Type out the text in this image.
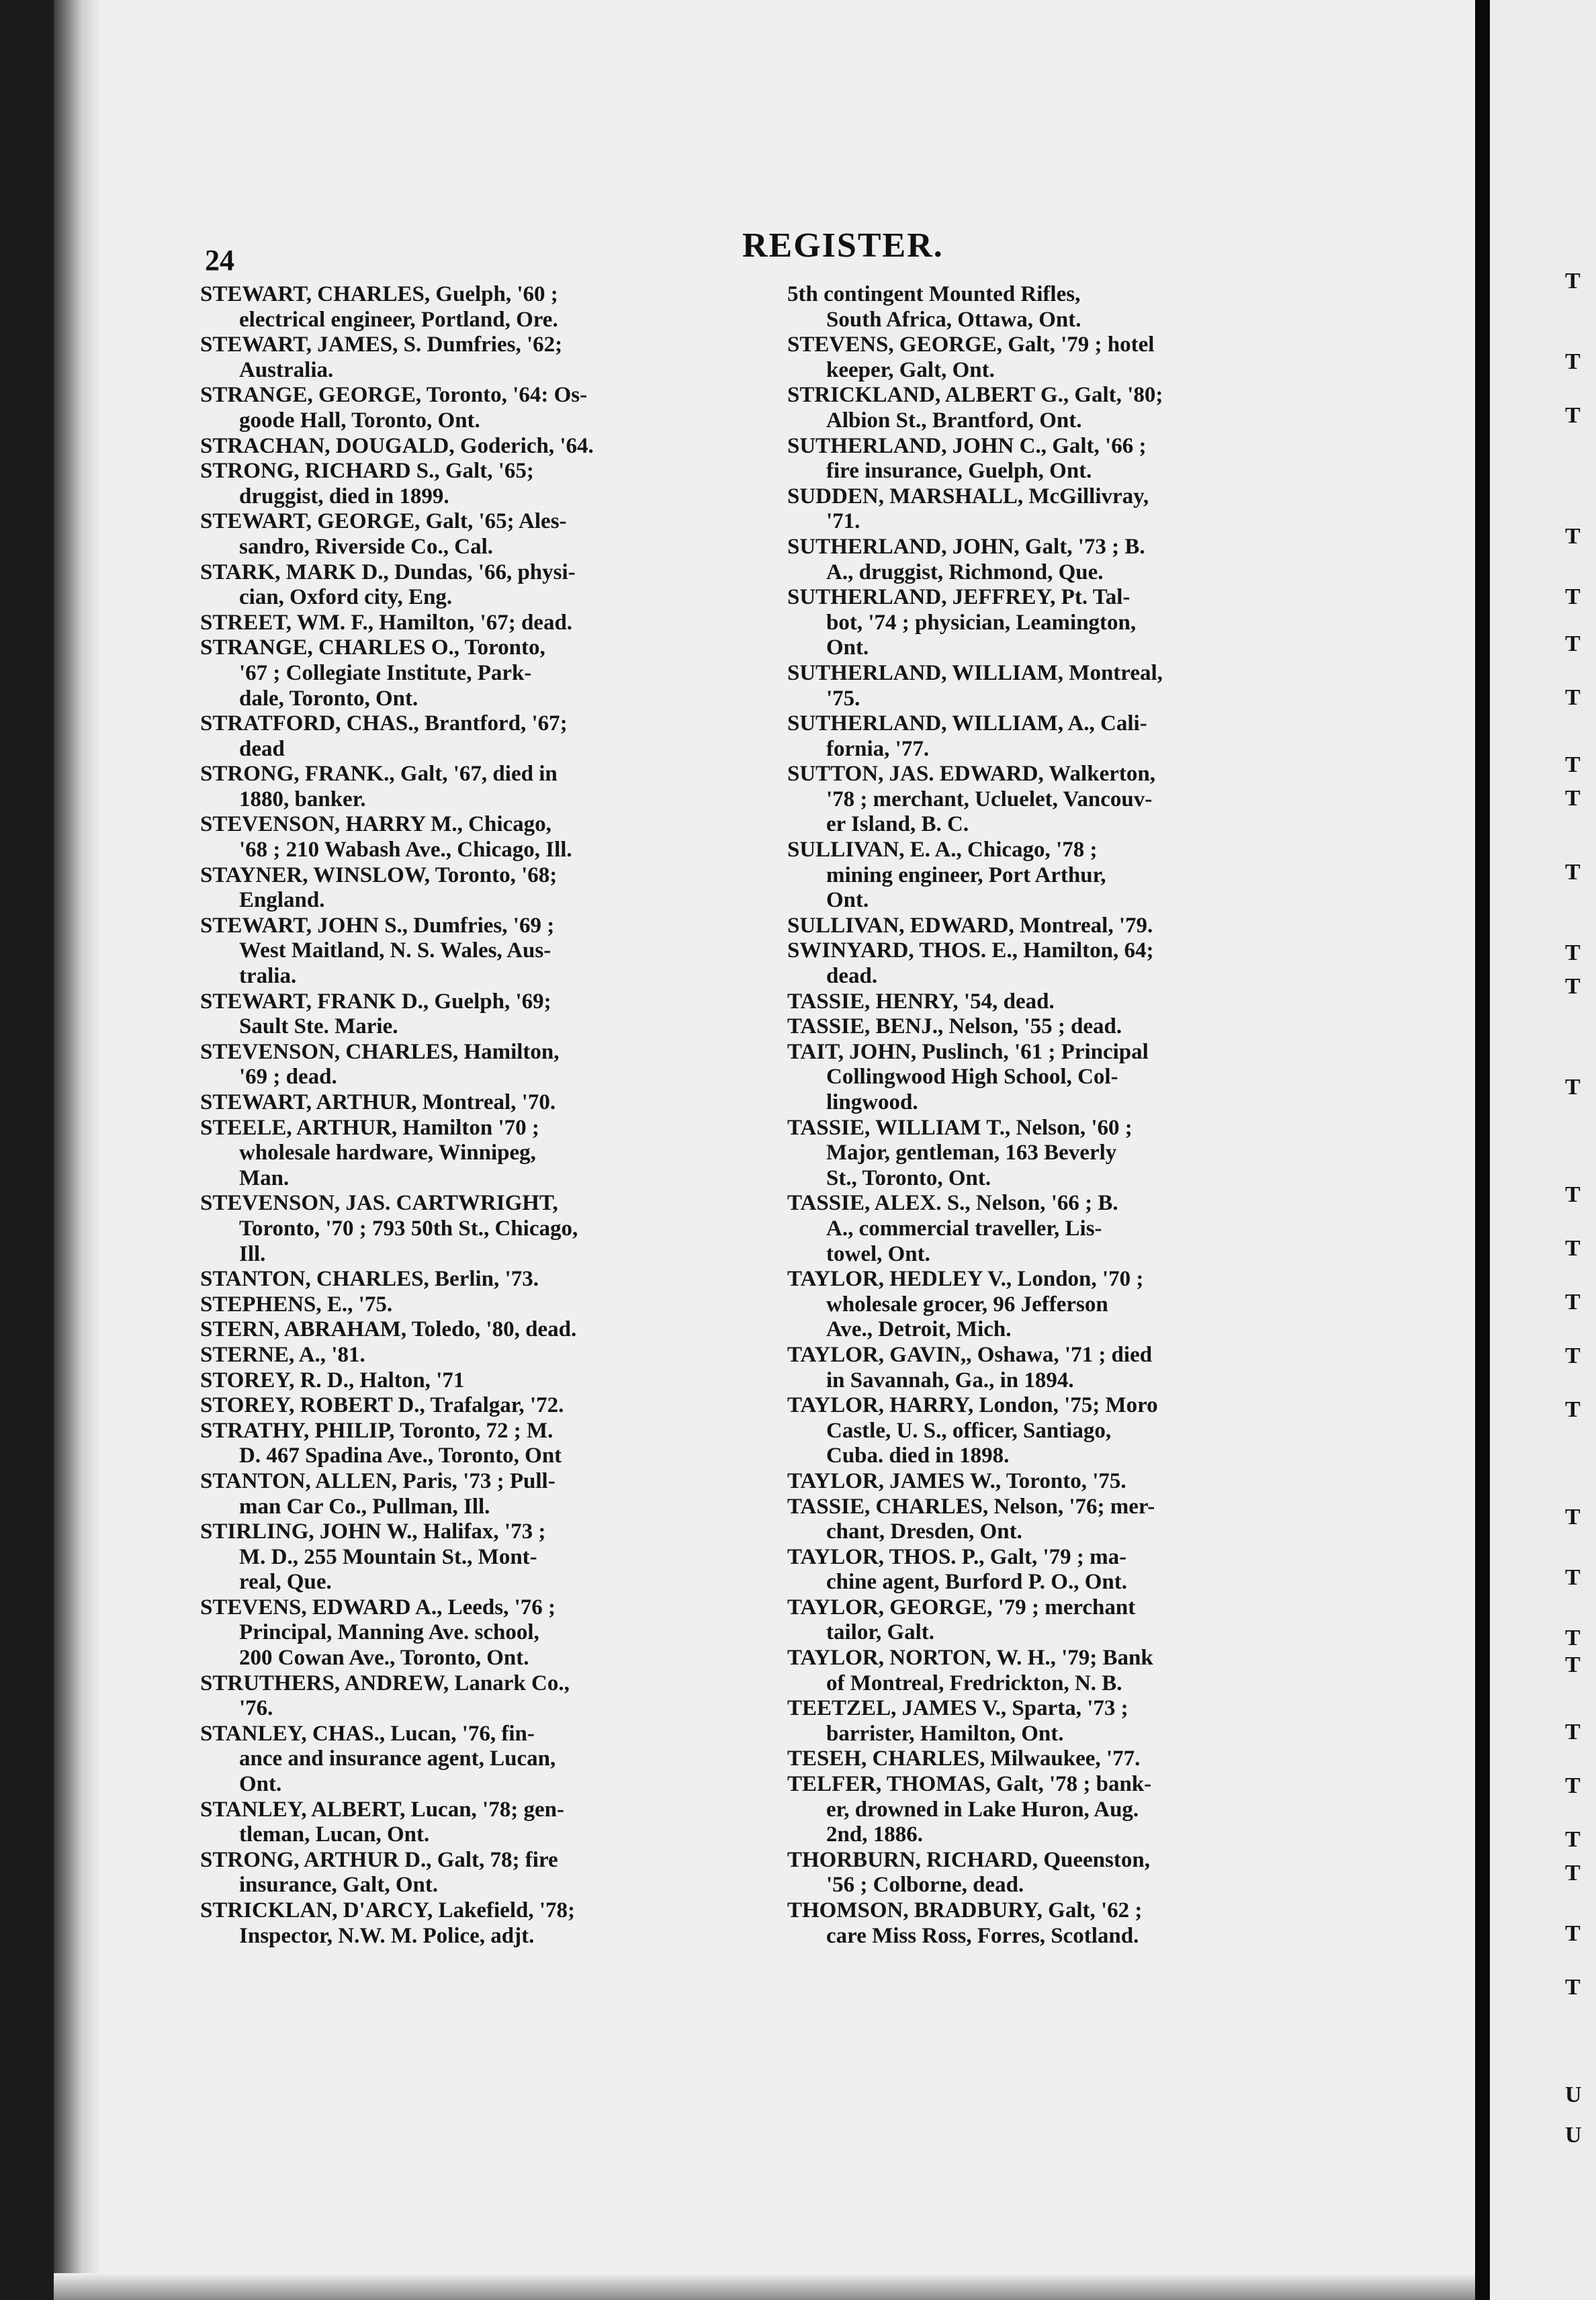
T
T
T
T
T
T
T
T
T
T
T
T
T
T
T
T
T
T
T
T
T
T
T
T
T
T
T
T
U
U
24	REGISTER.
STEWART, CHARLES, Guelph, '60 ;
electrical engineer, Portland, Ore.
STEWART, JAMES, S. Dumfries, '62;
Australia.
STRANGE, GEORGE, Toronto, '64: Os-
goode Hall, Toronto, Ont.
STRACHAN, DOUGALD, Goderich, '64.
STRONG, RICHARD S., Galt, '65;
druggist, died in 1899.
STEWART, GEORGE, Galt, '65; Ales-
sandro, Riverside Co., Cal.
STARK, MARK D., Dundas, '66, physi-
cian, Oxford city, Eng.
STREET, WM. F., Hamilton, '67; dead.
STRANGE, CHARLES O., Toronto,
'67 ; Collegiate Institute, Park-
dale, Toronto, Ont.
STRATFORD, CHAS., Brantford, '67;
dead
STRONG, FRANK., Galt, '67, died in
1880, banker.
STEVENSON, HARRY M., Chicago,
'68 ; 210 Wabash Ave., Chicago, Ill.
STAYNER, WINSLOW, Toronto, '68;
England.
STEWART, JOHN S., Dumfries, '69 ;
West Maitland, N. S. Wales, Aus-
tralia.
STEWART, FRANK D., Guelph, '69;
Sault Ste. Marie.
STEVENSON, CHARLES, Hamilton,
'69 ; dead.
STEWART, ARTHUR, Montreal, '70.
STEELE, ARTHUR, Hamilton '70 ;
wholesale hardware, Winnipeg,
Man.
STEVENSON, JAS. CARTWRIGHT,
Toronto, '70 ; 793 50th St., Chicago,
Ill.
STANTON, CHARLES, Berlin, '73.
STEPHENS, E., '75.
STERN, ABRAHAM, Toledo, '80, dead.
STERNE, A., '81.
STOREY, R. D., Halton, '71
STOREY, ROBERT D., Trafalgar, '72.
STRATHY, PHILIP, Toronto, 72 ; M.
D. 467 Spadina Ave., Toronto, Ont
STANTON, ALLEN, Paris, '73 ; Pull-
man Car Co., Pullman, Ill.
STIRLING, JOHN W., Halifax, '73 ;
M. D., 255 Mountain St., Mont-
real, Que.
STEVENS, EDWARD A., Leeds, '76 ;
Principal, Manning Ave. school,
200 Cowan Ave., Toronto, Ont.
STRUTHERS, ANDREW, Lanark Co.,
'76.
STANLEY, CHAS., Lucan, '76, fin-
ance and insurance agent, Lucan,
Ont.
STANLEY, ALBERT, Lucan, '78; gen-
tleman, Lucan, Ont.
STRONG, ARTHUR D., Galt, 78; fire
insurance, Galt, Ont.
STRICKLAN, D'ARCY, Lakefield, '78;
Inspector, N.W. M. Police, adjt.
5th contingent Mounted Rifles,
South Africa, Ottawa, Ont.
STEVENS, GEORGE, Galt, '79 ; hotel
keeper, Galt, Ont.
STRICKLAND, ALBERT G., Galt, '80;
Albion St., Brantford, Ont.
SUTHERLAND, JOHN C., Galt, '66 ;
fire insurance, Guelph, Ont.
SUDDEN, MARSHALL, McGillivray,
'71.
SUTHERLAND, JOHN, Galt, '73 ; B.
A., druggist, Richmond, Que.
SUTHERLAND, JEFFREY, Pt. Tal-
bot, '74 ; physician, Leamington,
Ont.
SUTHERLAND, WILLIAM, Montreal,
'75.
SUTHERLAND, WILLIAM, A., Cali-
fornia, '77.
SUTTON, JAS. EDWARD, Walkerton,
'78 ; merchant, Ucluelet, Vancouv-
er Island, B. C.
SULLIVAN, E. A., Chicago, '78 ;
mining engineer, Port Arthur,
Ont.
SULLIVAN, EDWARD, Montreal, '79.
SWINYARD, THOS. E., Hamilton, 64;
dead.
TASSIE, HENRY, '54, dead.
TASSIE, BENJ., Nelson, '55 ; dead.
TAIT, JOHN, Puslinch, '61 ; Principal
Collingwood High School, Col-
lingwood.
TASSIE, WILLIAM T., Nelson, '60 ;
Major, gentleman, 163 Beverly
St., Toronto, Ont.
TASSIE, ALEX. S., Nelson, '66 ; B.
A., commercial traveller, Lis-
towel, Ont.
TAYLOR, HEDLEY V., London, '70 ;
wholesale grocer, 96 Jefferson
Ave., Detroit, Mich.
TAYLOR, GAVIN,, Oshawa, '71 ; died
in Savannah, Ga., in 1894.
TAYLOR, HARRY, London, '75; Moro
Castle, U. S., officer, Santiago,
Cuba. died in 1898.
TAYLOR, JAMES W., Toronto, '75.
TASSIE, CHARLES, Nelson, '76; mer-
chant, Dresden, Ont.
TAYLOR, THOS. P., Galt, '79 ; ma-
chine agent, Burford P. O., Ont.
TAYLOR, GEORGE, '79 ; merchant
tailor, Galt.
TAYLOR, NORTON, W. H., '79; Bank
of Montreal, Fredrickton, N. B.
TEETZEL, JAMES V., Sparta, '73 ;
barrister, Hamilton, Ont.
TESEH, CHARLES, Milwaukee, '77.
TELFER, THOMAS, Galt, '78 ; bank-
er, drowned in Lake Huron, Aug.
2nd, 1886.
THORBURN, RICHARD, Queenston,
'56 ; Colborne, dead.
THOMSON, BRADBURY, Galt, '62 ;
care Miss Ross, Forres, Scotland.
